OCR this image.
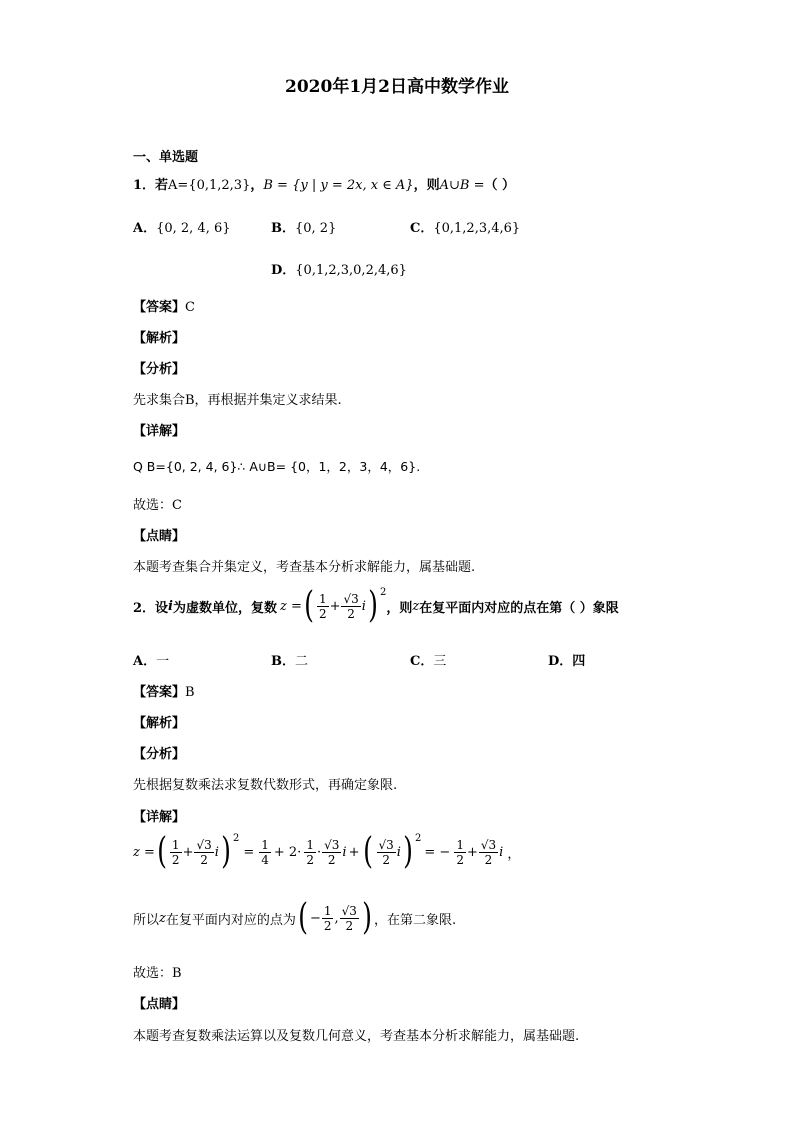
2020年1月2日高中数学作业
一、单选题
1．若A={0,1,2,3}，B = {y | y = 2x, x ∈ A}，则A∪B =（ ）
A．{0, 2, 4, 6}	B．{0, 2}	C．{0,1,2,3,4,6}
D．{0,1,2,3,0,2,4,6}
【答案】C
【解析】
【分析】
先求集合B，再根据并集定义求结果.
【详解】
Q B={0, 2, 4, 6}∴ A∪B= {0，1，2，3，4，6}.
故选：C
【点睛】
本题考查集合并集定义，考查基本分析求解能力，属基础题.
2．设 i 为虚数单位，复数 z = ( $\frac{1}{2} + \frac{√3}{2}$ i ) 2
，则 z 在复平面内对应的点在第（ ）象限
A．一	B．二	C．三	D．四
【答案】B
【解析】
【分析】
先根据复数乘法求复数代数形式，再确定象限.
【详解】
z = ( $\frac{1}{2} + \frac{√3}{2}$ i ) 2
= $\frac{1}{4} + 2\cdot \frac{1}{2} \cdot \frac{√3}{2}$ i + ( $\frac{√3}{2}$ i ) 2
= − $\frac{1}{2} + \frac{√3}{2}$ i ，
所以 z 在复平面内对应的点为 ( − $\frac{1}{2}$ , $\frac{√3}{2}$ ) ，在第二象限.
故选：B
【点睛】
本题考查复数乘法运算以及复数几何意义，考查基本分析求解能力，属基础题.
